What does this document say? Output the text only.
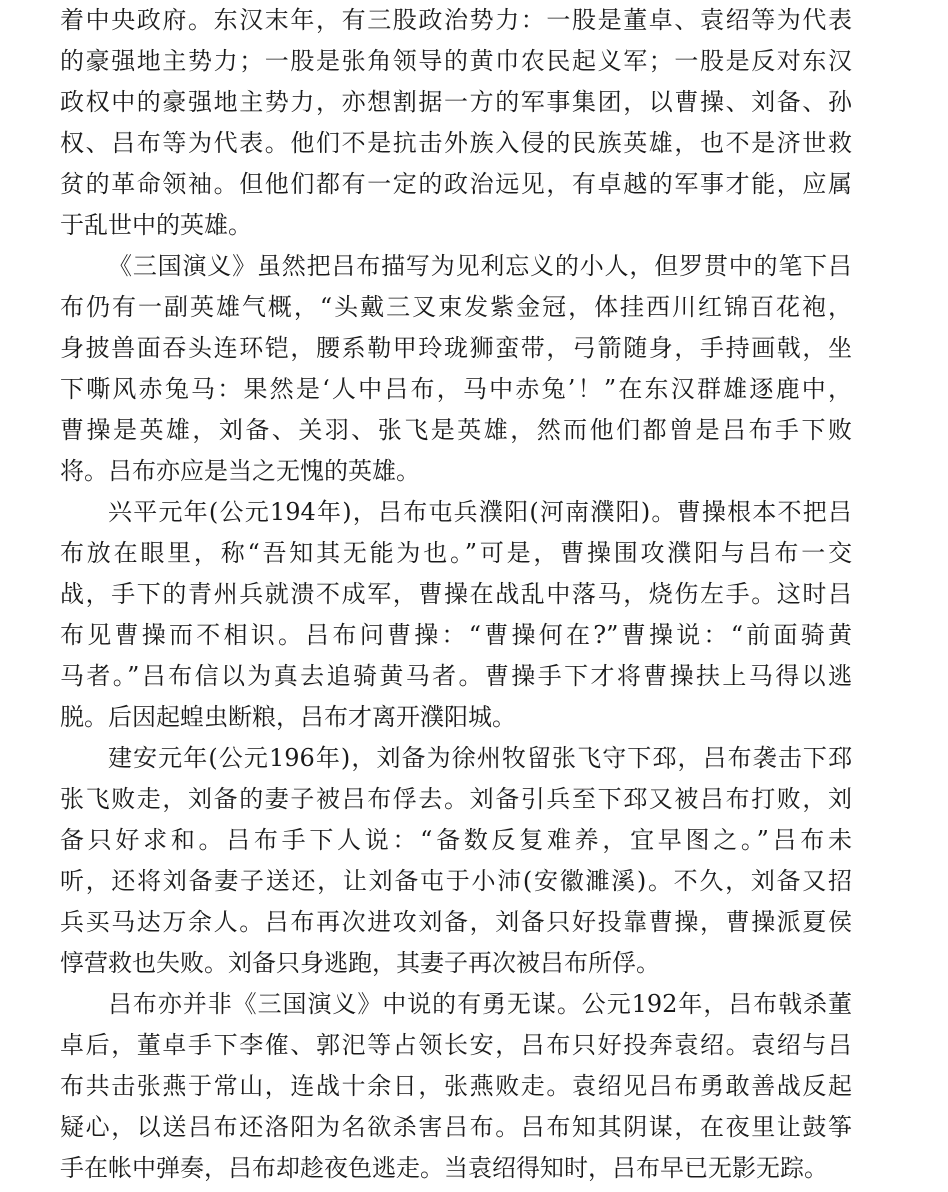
着中央政府。东汉末年，有三股政治势力：一股是董卓、袁绍等为代表
的豪强地主势力；一股是张角领导的黄巾农民起义军；一股是反对东汉
政权中的豪强地主势力，亦想割据一方的军事集团，以曹操、刘备、孙
权、吕布等为代表。他们不是抗击外族入侵的民族英雄，也不是济世救
贫的革命领袖。但他们都有一定的政治远见，有卓越的军事才能，应属
于乱世中的英雄。
《三国演义》虽然把吕布描写为见利忘义的小人，但罗贯中的笔下吕
布仍有一副英雄气概，“头戴三叉束发紫金冠，体挂西川红锦百花袍，
身披兽面吞头连环铠，腰系勒甲玲珑狮蛮带，弓箭随身，手持画戟，坐
下嘶风赤兔马：果然是‘人中吕布，马中赤兔’！”在东汉群雄逐鹿中，
曹操是英雄，刘备、关羽、张飞是英雄，然而他们都曾是吕布手下败
将。吕布亦应是当之无愧的英雄。
兴平元年(公元194年)，吕布屯兵濮阳(河南濮阳)。曹操根本不把吕
布放在眼里，称“吾知其无能为也。”可是，曹操围攻濮阳与吕布一交
战，手下的青州兵就溃不成军，曹操在战乱中落马，烧伤左手。这时吕
布见曹操而不相识。吕布问曹操：“曹操何在?”曹操说：“前面骑黄
马者。”吕布信以为真去追骑黄马者。曹操手下才将曹操扶上马得以逃
脱。后因起蝗虫断粮，吕布才离开濮阳城。
建安元年(公元196年)，刘备为徐州牧留张飞守下邳，吕布袭击下邳
张飞败走，刘备的妻子被吕布俘去。刘备引兵至下邳又被吕布打败，刘
备只好求和。吕布手下人说：“备数反复难养，宜早图之。”吕布未
听，还将刘备妻子送还，让刘备屯于小沛(安徽濉溪)。不久，刘备又招
兵买马达万余人。吕布再次进攻刘备，刘备只好投靠曹操，曹操派夏侯
惇营救也失败。刘备只身逃跑，其妻子再次被吕布所俘。
吕布亦并非《三国演义》中说的有勇无谋。公元192年，吕布戟杀董
卓后，董卓手下李傕、郭汜等占领长安，吕布只好投奔袁绍。袁绍与吕
布共击张燕于常山，连战十余日，张燕败走。袁绍见吕布勇敢善战反起
疑心，以送吕布还洛阳为名欲杀害吕布。吕布知其阴谋，在夜里让鼓筝
手在帐中弹奏，吕布却趁夜色逃走。当袁绍得知时，吕布早已无影无踪。
